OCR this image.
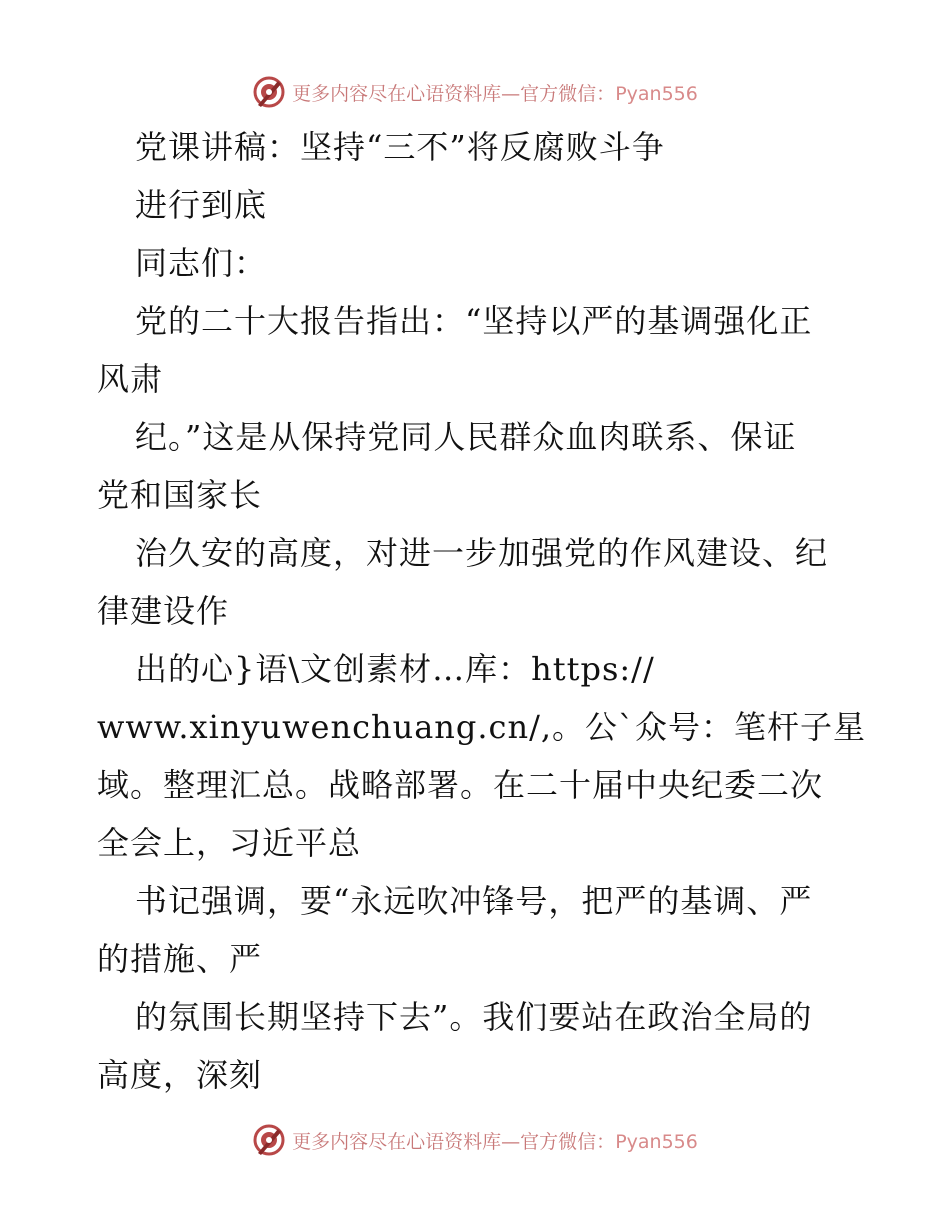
更多内容尽在心语资料库—官方微信：Pyan556
党课讲稿：坚持“三不”将反腐败斗争
进行到底
同志们：
党的二十大报告指出：“坚持以严的基调强化正
风肃
纪。”这是从保持党同人民群众血肉联系、保证
党和国家长
治久安的高度，对进一步加强党的作风建设、纪
律建设作
出的心}语\文创素材…库：https://
www.xinyuwenchuang.cn/,。公`众号：笔杆子星
域。整理汇总。战略部署。在二十届中央纪委二次
全会上，习近平总
书记强调，要“永远吹冲锋号，把严的基调、严
的措施、严
的氛围长期坚持下去”。我们要站在政治全局的
高度，深刻
更多内容尽在心语资料库—官方微信：Pyan556
